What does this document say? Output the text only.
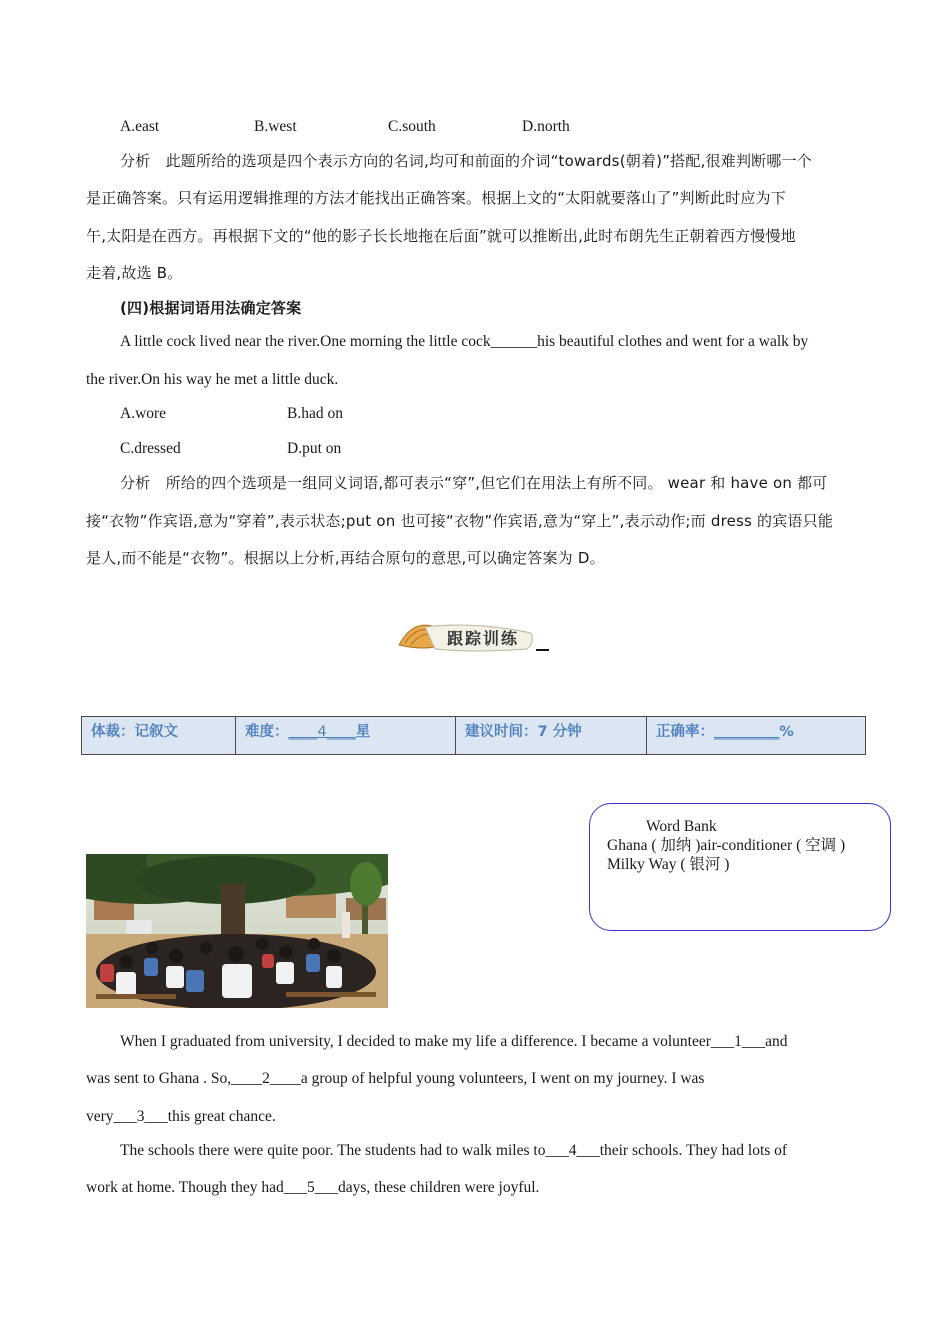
A.east	B.west	C.south	D.north
分析　此题所给的选项是四个表示方向的名词,均可和前面的介词“towards(朝着)”搭配,很难判断哪一个
是正确答案。只有运用逻辑推理的方法才能找出正确答案。根据上文的“太阳就要落山了”判断此时应为下
午,太阳是在西方。再根据下文的“他的影子长长地拖在后面”就可以推断出,此时布朗先生正朝着西方慢慢地
走着,故选 B。
(四)根据词语用法确定答案
A little cock lived near the river.One morning the little cock______his beautiful clothes and went for a walk by
the river.On his way he met a little duck.
A.wore	B.had on
C.dressed	D.put on
分析　所给的四个选项是一组同义词语,都可表示“穿”,但它们在用法上有所不同。 wear 和 have on 都可
接“衣物”作宾语,意为“穿着”,表示状态;put on 也可接“衣物”作宾语,意为“穿上”,表示动作;而 dress 的宾语只能
是人,而不能是“衣物”。根据以上分析,再结合原句的意思,可以确定答案为 D。
跟踪训练
体裁：记叙文	难度：____4____星	建议时间：7 分钟	正确率：_________%
Word Bank
Ghana ( 加纳 )air-conditioner ( 空调 )
Milky Way ( 银河 )
When I graduated from university, I decided to make my life a difference. I became a volunteer___1___and
was sent to Ghana . So,____2____a group of helpful young volunteers, I went on my journey. I was
very___3___this great chance.
The schools there were quite poor. The students had to walk miles to___4___their schools. They had lots of
work at home. Though they had___5___days, these children were joyful.
